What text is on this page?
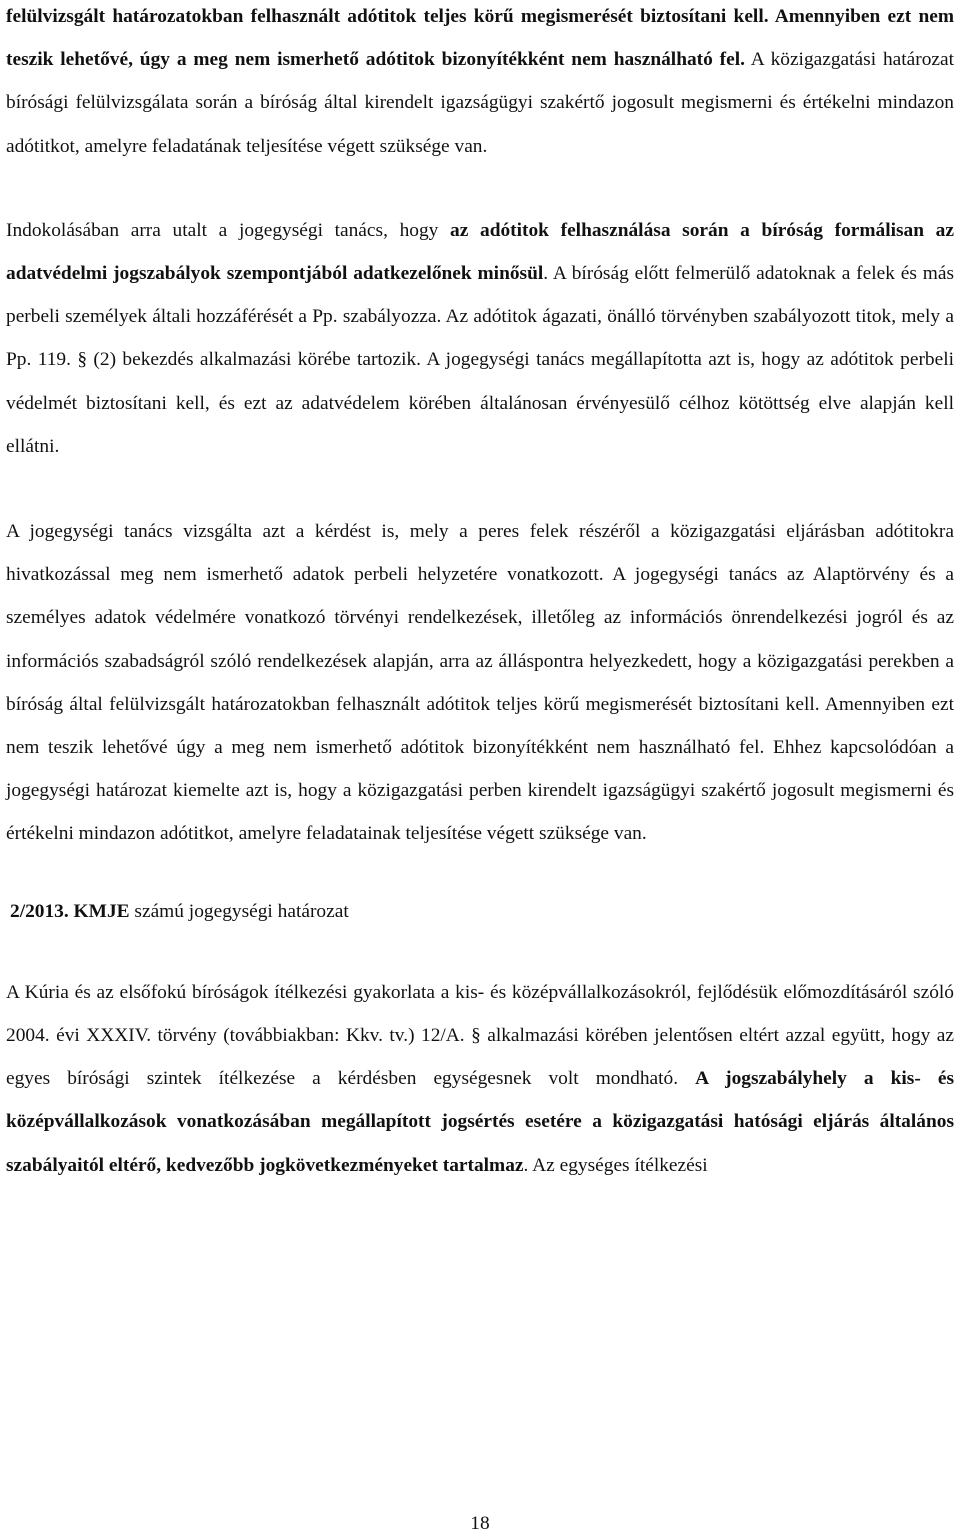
felülvizsgált határozatokban felhasznált adótitok teljes körű megismerését biztosítani kell. Amennyiben ezt nem teszik lehetővé, úgy a meg nem ismerhető adótitok bizonyítékként nem használható fel. A közigazgatási határozat bírósági felülvizsgálata során a bíróság által kirendelt igazságügyi szakértő jogosult megismerni és értékelni mindazon adótitkot, amelyre feladatának teljesítése végett szüksége van.

Indokolásában arra utalt a jogegységi tanács, hogy az adótitok felhasználása során a bíróság formálisan az adatvédelmi jogszabályok szempontjából adatkezelőnek minősül. A bíróság előtt felmerülő adatoknak a felek és más perbeli személyek általi hozzáférését a Pp. szabályozza. Az adótitok ágazati, önálló törvényben szabályozott titok, mely a Pp. 119. § (2) bekezdés alkalmazási körébe tartozik. A jogegységi tanács megállapította azt is, hogy az adótitok perbeli védelmét biztosítani kell, és ezt az adatvédelem körében általánosan érvényesülő célhoz kötöttség elve alapján kell ellátni.

A jogegységi tanács vizsgálta azt a kérdést is, mely a peres felek részéről a közigazgatási eljárásban adótitokra hivatkozással meg nem ismerhető adatok perbeli helyzetére vonatkozott. A jogegységi tanács az Alaptörvény és a személyes adatok védelmére vonatkozó törvényi rendelkezések, illetőleg az információs önrendelkezési jogról és az információs szabadságról szóló rendelkezések alapján, arra az álláspontra helyezkedett, hogy a közigazgatási perekben a bíróság által felülvizsgált határozatokban felhasznált adótitok teljes körű megismerését biztosítani kell. Amennyiben ezt nem teszik lehetővé úgy a meg nem ismerhető adótitok bizonyítékként nem használható fel. Ehhez kapcsolódóan a jogegységi határozat kiemelte azt is, hogy a közigazgatási perben kirendelt igazságügyi szakértő jogosult megismerni és értékelni mindazon adótitkot, amelyre feladatainak teljesítése végett szüksége van.

2/2013. KMJE számú jogegységi határozat

A Kúria és az elsőfokú bíróságok ítélkezési gyakorlata a kis- és középvállalkozásokról, fejlődésük előmozdításáról szóló 2004. évi XXXIV. törvény (továbbiakban: Kkv. tv.) 12/A. § alkalmazási körében jelentősen eltért azzal együtt, hogy az egyes bírósági szintek ítélkezése a kérdésben egységesnek volt mondható. A jogszabályhely a kis- és középvállalkozások vonatkozásában megállapított jogsértés esetére a közigazgatási hatósági eljárás általános szabályaitól eltérő, kedvezőbb jogkövetkezményeket tartalmaz. Az egységes ítélkezési

18
